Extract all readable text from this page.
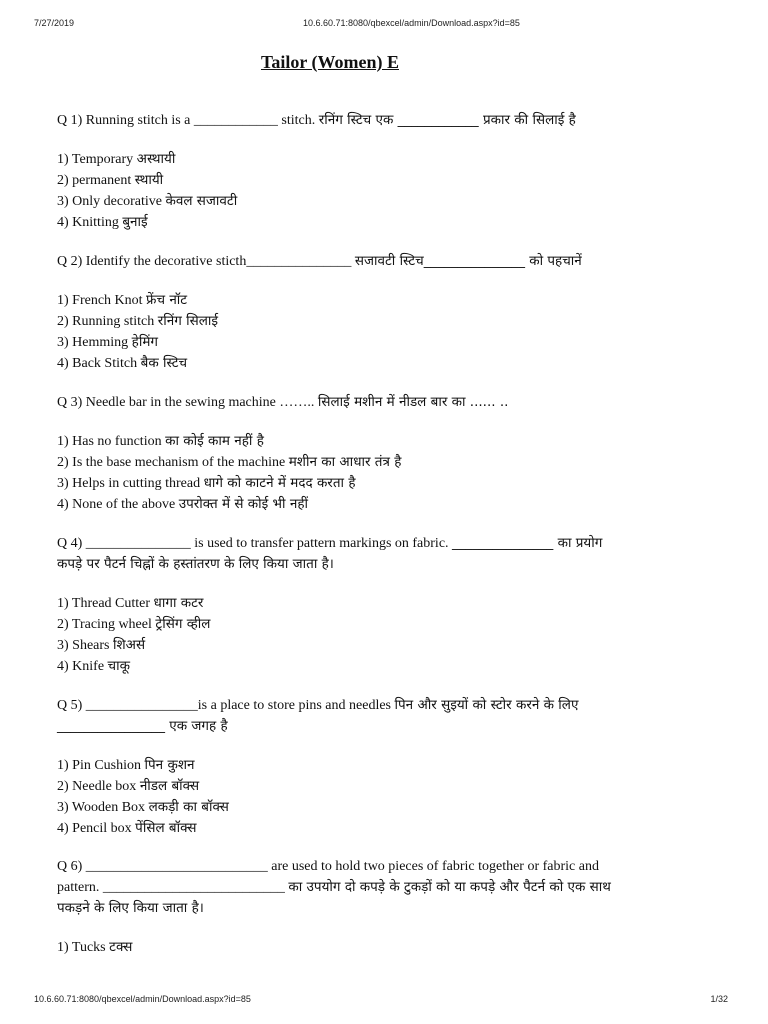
7/27/2019	10.6.60.71:8080/qbexcel/admin/Download.aspx?id=85
Tailor (Women) E

Q 1) Running stitch is a ____________ stitch. रनिंग स्टिच एक ____________ प्रकार की सिलाई है

1) Temporary अस्थायी

2) permanent स्थायी

3) Only decorative केवल सजावटी

4) Knitting बुनाई

Q 2) Identify the decorative sticth_______________ सजावटी स्टिच_______________ को पहचानें

1) French Knot फ्रेंच नॉट

2) Running stitch रनिंग सिलाई

3) Hemming हेमिंग

4) Back Stitch बैक स्टिच

Q 3) Needle bar in the sewing machine …….. सिलाई मशीन में नीडल बार का ...... ..

1) Has no function का कोई काम नहीं है

2) Is the base mechanism of the machine मशीन का आधार तंत्र है

3) Helps in cutting thread धागे को काटने में मदद करता है

4) None of the above उपरोक्त में से कोई भी नहीं

Q 4) _______________ is used to transfer pattern markings on fabric. _______________ का प्रयोग कपड़े पर पैटर्न चिह्नों के हस्तांतरण के लिए किया जाता है।

1) Thread Cutter धागा कटर

2) Tracing wheel ट्रेसिंग व्हील

3) Shears शिअर्स

4) Knife चाकू

Q 5) ________________is a place to store pins and needles पिन और सुइयों को स्टोर करने के लिए ________________ एक जगह है

1) Pin Cushion पिन कुशन

2) Needle box नीडल बॉक्स

3) Wooden Box लकड़ी का बॉक्स

4) Pencil box पेंसिल बॉक्स

Q 6) __________________________ are used to hold two pieces of fabric together or fabric and pattern. __________________________ का उपयोग दो कपड़े के टुकड़ों को या कपड़े और पैटर्न को एक साथ पकड़ने के लिए किया जाता है।

1) Tucks टक्स

10.6.60.71:8080/qbexcel/admin/Download.aspx?id=85	1/32
